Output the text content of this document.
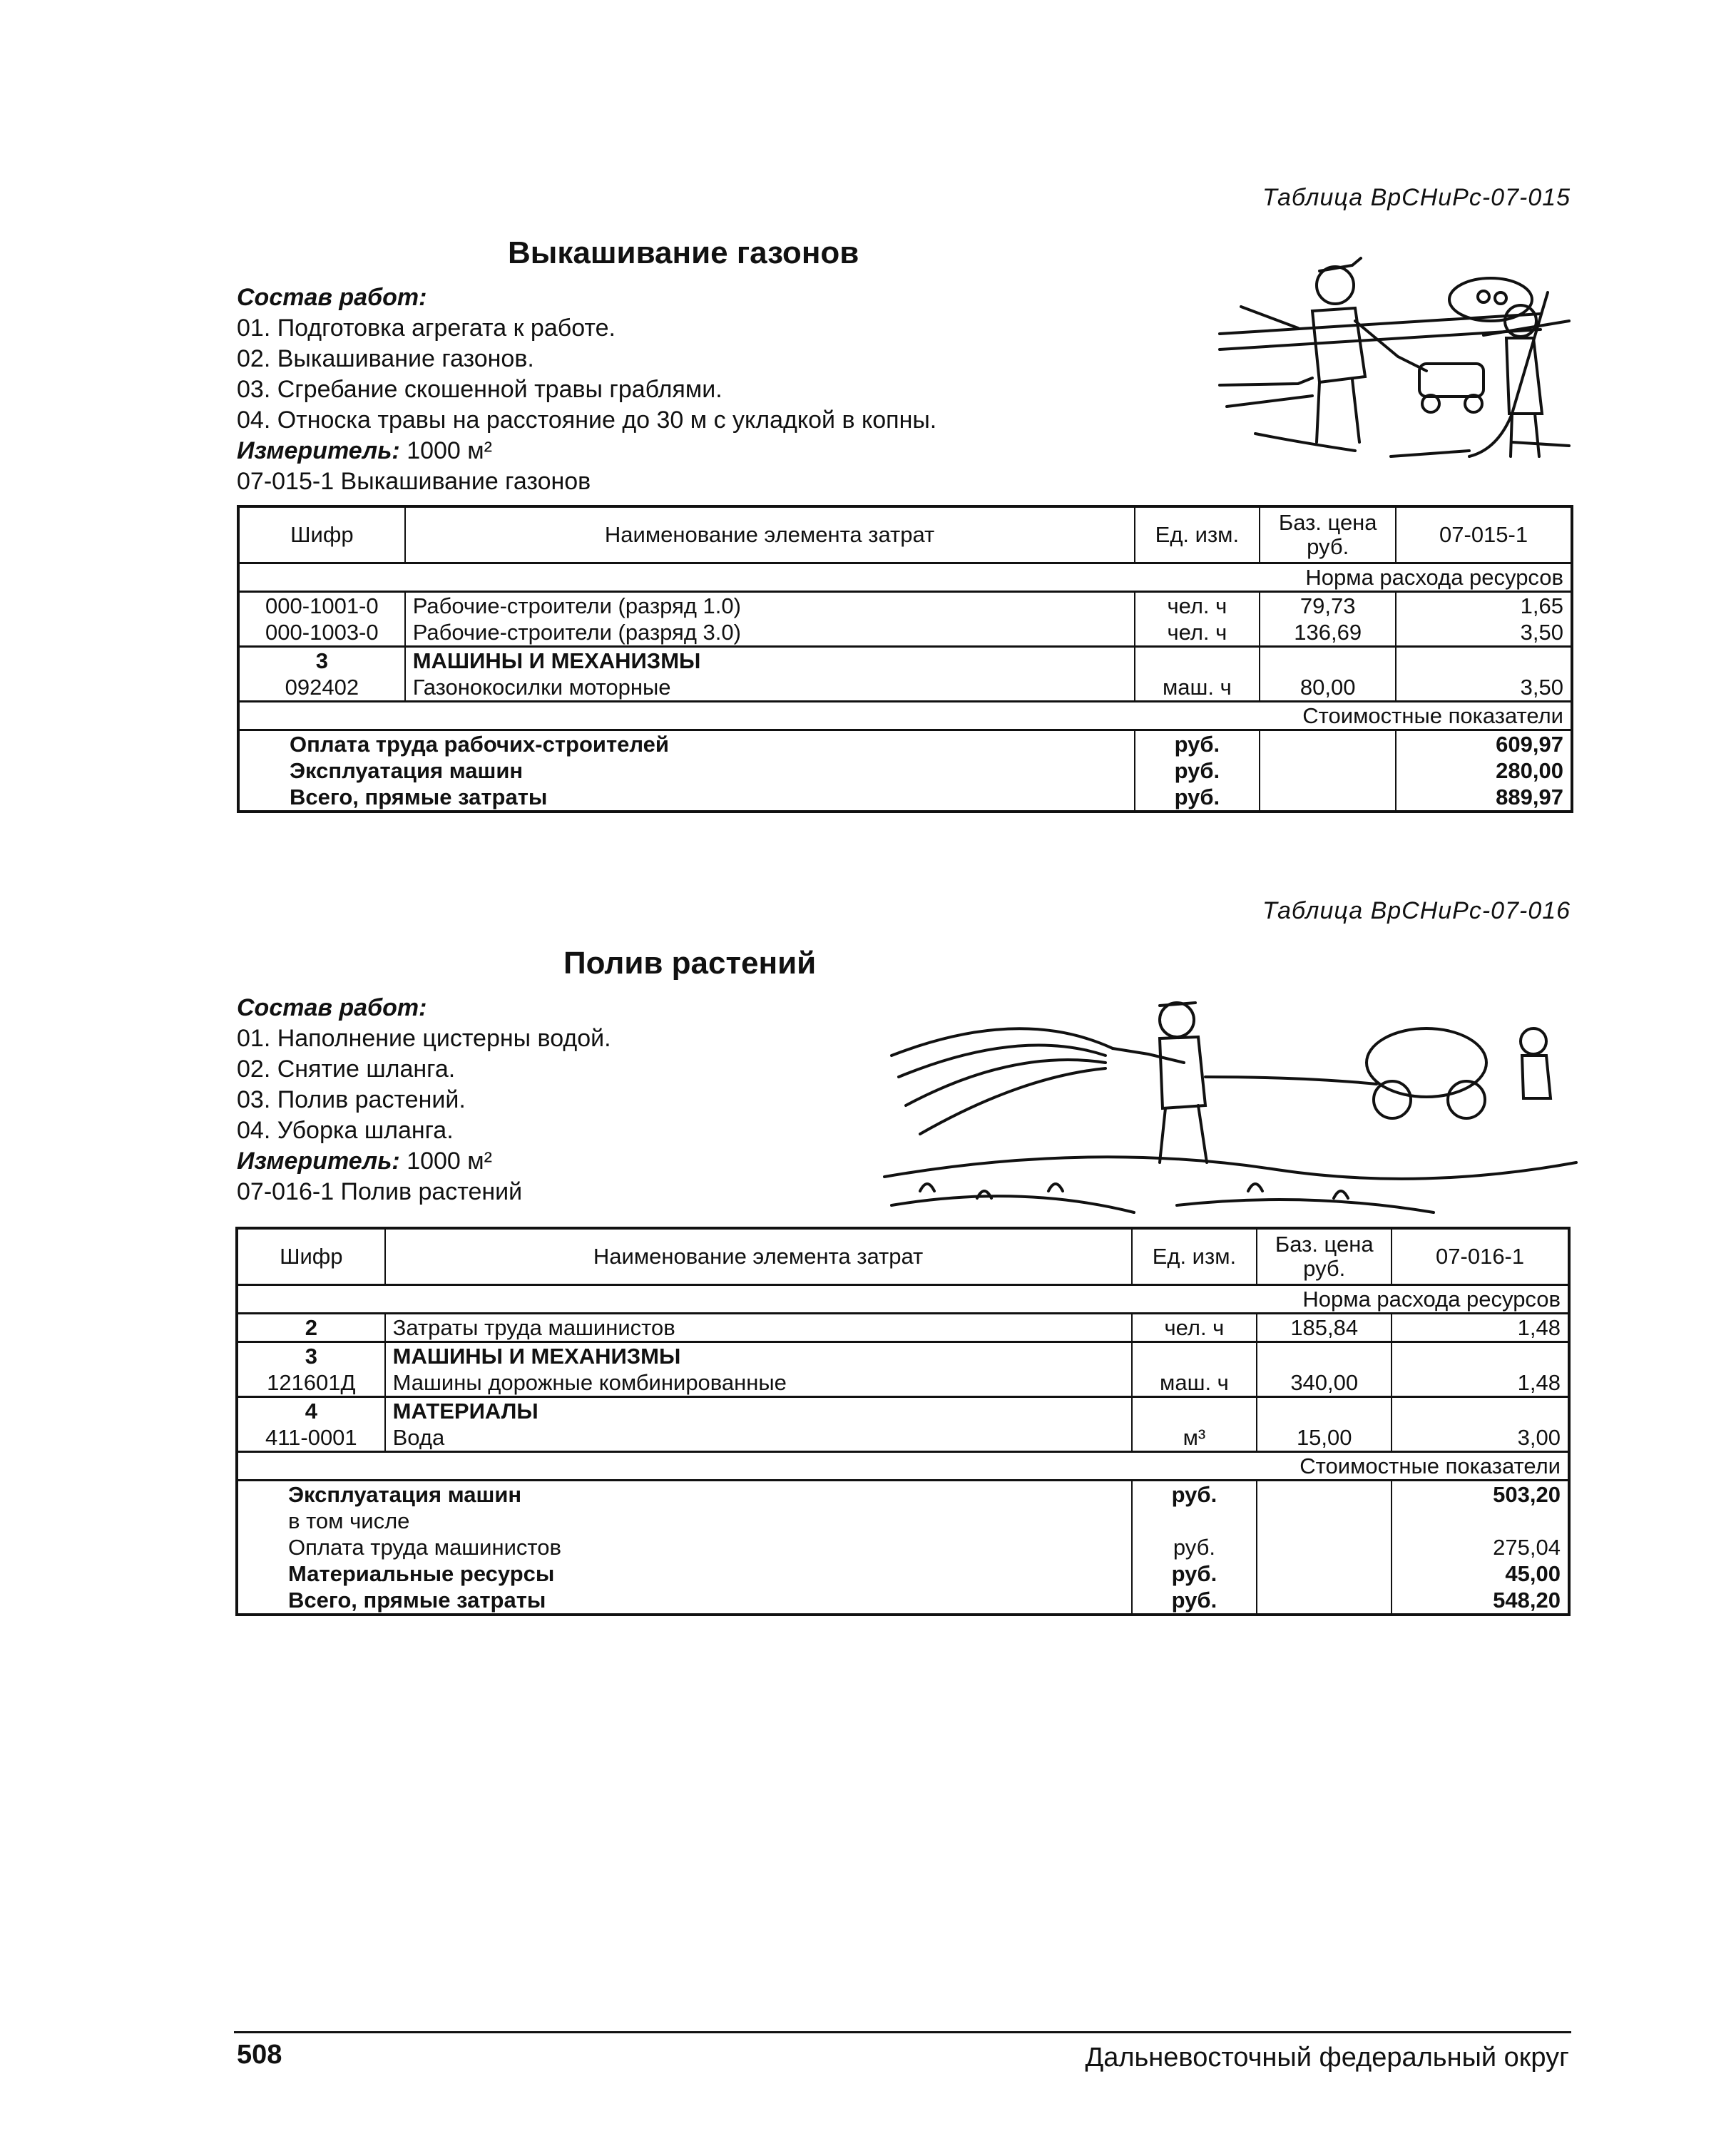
Таблица ВрСНиРс-07-015
Выкашивание газонов
Состав работ:
01. Подготовка агрегата к работе.
02. Выкашивание газонов.
03. Сгребание скошенной травы граблями.
04. Относка травы на расстояние до 30 м с укладкой в копны.
Измеритель: 1000 м²
07-015-1 Выкашивание газонов
Шифр	Наименование элемента затрат	Ед. изм.	Баз. цена руб.	07-015-1
			Норма расхода ресурсов	
000-1001-0	Рабочие-строители (разряд 1.0)	чел. ч	79,73	1,65
000-1003-0	Рабочие-строители (разряд 3.0)	чел. ч	136,69	3,50
3	МАШИНЫ И МЕХАНИЗМЫ			
092402	Газонокосилки моторные	маш. ч	80,00	3,50
			Стоимостные показатели	
Оплата труда рабочих-строителей		руб.		609,97
Эксплуатация машин		руб.		280,00
Всего, прямые затраты		руб.		889,97
Таблица ВрСНиРс-07-016
Полив растений
Состав работ:
01. Наполнение цистерны водой.
02. Снятие шланга.
03. Полив растений.
04. Уборка шланга.
Измеритель: 1000 м²
07-016-1 Полив растений
Шифр	Наименование элемента затрат	Ед. изм.	Баз. цена руб.	07-016-1
			Норма расхода ресурсов	
2	Затраты труда машинистов	чел. ч	185,84	1,48
3	МАШИНЫ И МЕХАНИЗМЫ			
121601Д	Машины дорожные комбинированные	маш. ч	340,00	1,48
4	МАТЕРИАЛЫ			
411-0001	Вода	м³	15,00	3,00
			Стоимостные показатели	
Эксплуатация машин		руб.		503,20
в том числе				
Оплата труда машинистов		руб.		275,04
Материальные ресурсы		руб.		45,00
Всего, прямые затраты		руб.		548,20
508	Дальневосточный федеральный округ
